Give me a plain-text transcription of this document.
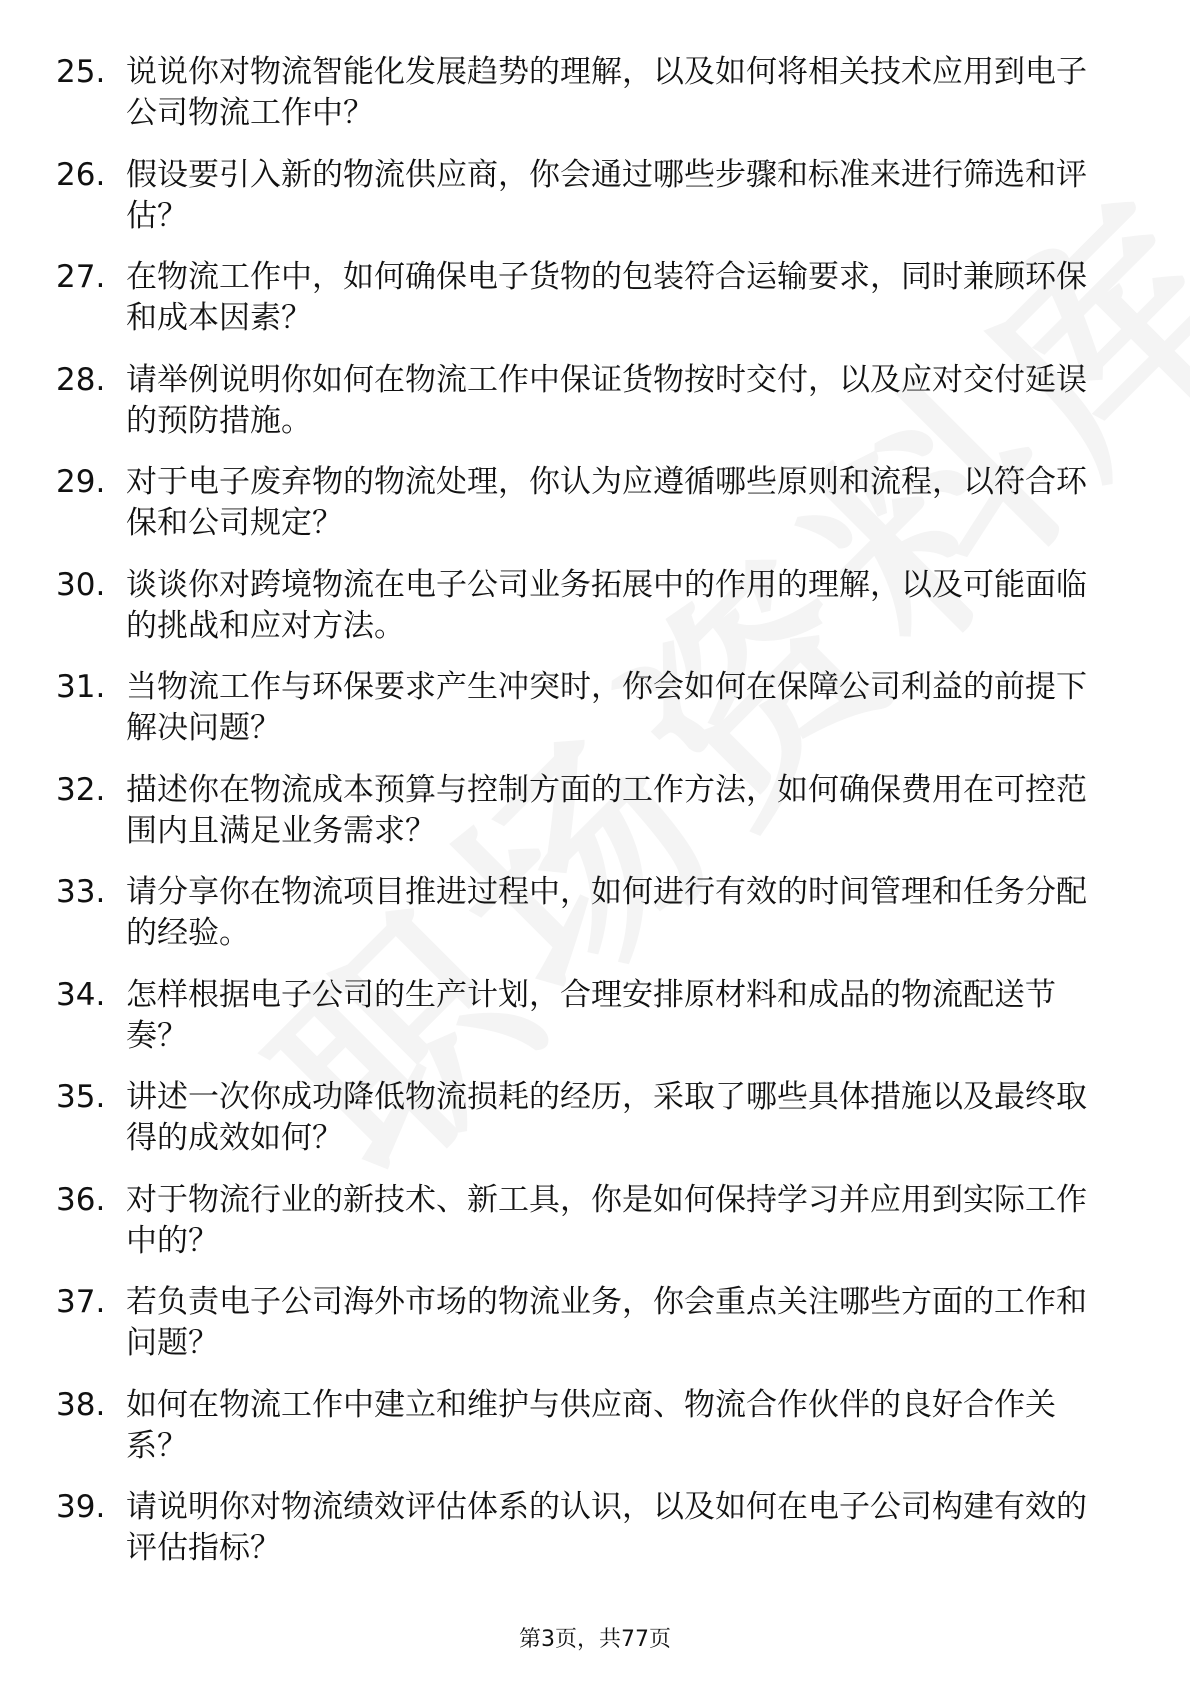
25. 说说你对物流智能化发展趋势的理解，以及如何将相关技术应用到电子公司物流工作中？
26. 假设要引入新的物流供应商，你会通过哪些步骤和标准来进行筛选和评估？
27. 在物流工作中，如何确保电子货物的包装符合运输要求，同时兼顾环保和成本因素？
28. 请举例说明你如何在物流工作中保证货物按时交付，以及应对交付延误的预防措施。
29. 对于电子废弃物的物流处理，你认为应遵循哪些原则和流程，以符合环保和公司规定？
30. 谈谈你对跨境物流在电子公司业务拓展中的作用的理解，以及可能面临的挑战和应对方法。
31. 当物流工作与环保要求产生冲突时，你会如何在保障公司利益的前提下解决问题？
32. 描述你在物流成本预算与控制方面的工作方法，如何确保费用在可控范围内且满足业务需求？
33. 请分享你在物流项目推进过程中，如何进行有效的时间管理和任务分配的经验。
34. 怎样根据电子公司的生产计划，合理安排原材料和成品的物流配送节奏？
35. 讲述一次你成功降低物流损耗的经历，采取了哪些具体措施以及最终取得的成效如何？
36. 对于物流行业的新技术、新工具，你是如何保持学习并应用到实际工作中的？
37. 若负责电子公司海外市场的物流业务，你会重点关注哪些方面的工作和问题？
38. 如何在物流工作中建立和维护与供应商、物流合作伙伴的良好合作关系？
39. 请说明你对物流绩效评估体系的认识，以及如何在电子公司构建有效的评估指标？
第3页，共77页
